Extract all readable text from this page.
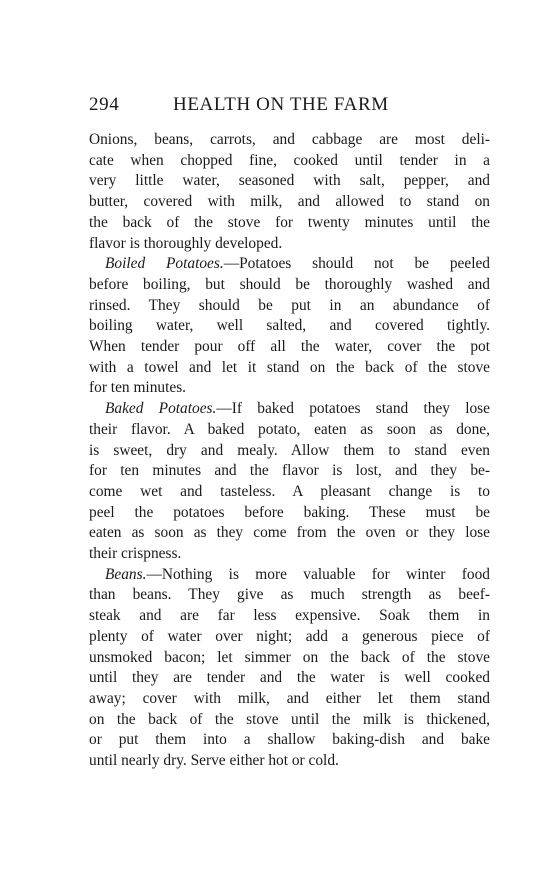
294	HEALTH ON THE FARM

Onions, beans, carrots, and cabbage are most deli-
cate when chopped fine, cooked until tender in a
very little water, seasoned with salt, pepper, and
butter, covered with milk, and allowed to stand on
the back of the stove for twenty minutes until the
flavor is thoroughly developed.

Boiled Potatoes.—Potatoes should not be peeled
before boiling, but should be thoroughly washed and
rinsed. They should be put in an abundance of
boiling water, well salted, and covered tightly.
When tender pour off all the water, cover the pot
with a towel and let it stand on the back of the stove
for ten minutes.

Baked Potatoes.—If baked potatoes stand they lose
their flavor. A baked potato, eaten as soon as done,
is sweet, dry and mealy. Allow them to stand even
for ten minutes and the flavor is lost, and they be-
come wet and tasteless. A pleasant change is to
peel the potatoes before baking. These must be
eaten as soon as they come from the oven or they lose
their crispness.

Beans.—Nothing is more valuable for winter food
than beans. They give as much strength as beef-
steak and are far less expensive. Soak them in
plenty of water over night; add a generous piece of
unsmoked bacon; let simmer on the back of the stove
until they are tender and the water is well cooked
away; cover with milk, and either let them stand
on the back of the stove until the milk is thickened,
or put them into a shallow baking-dish and bake
until nearly dry. Serve either hot or cold.
